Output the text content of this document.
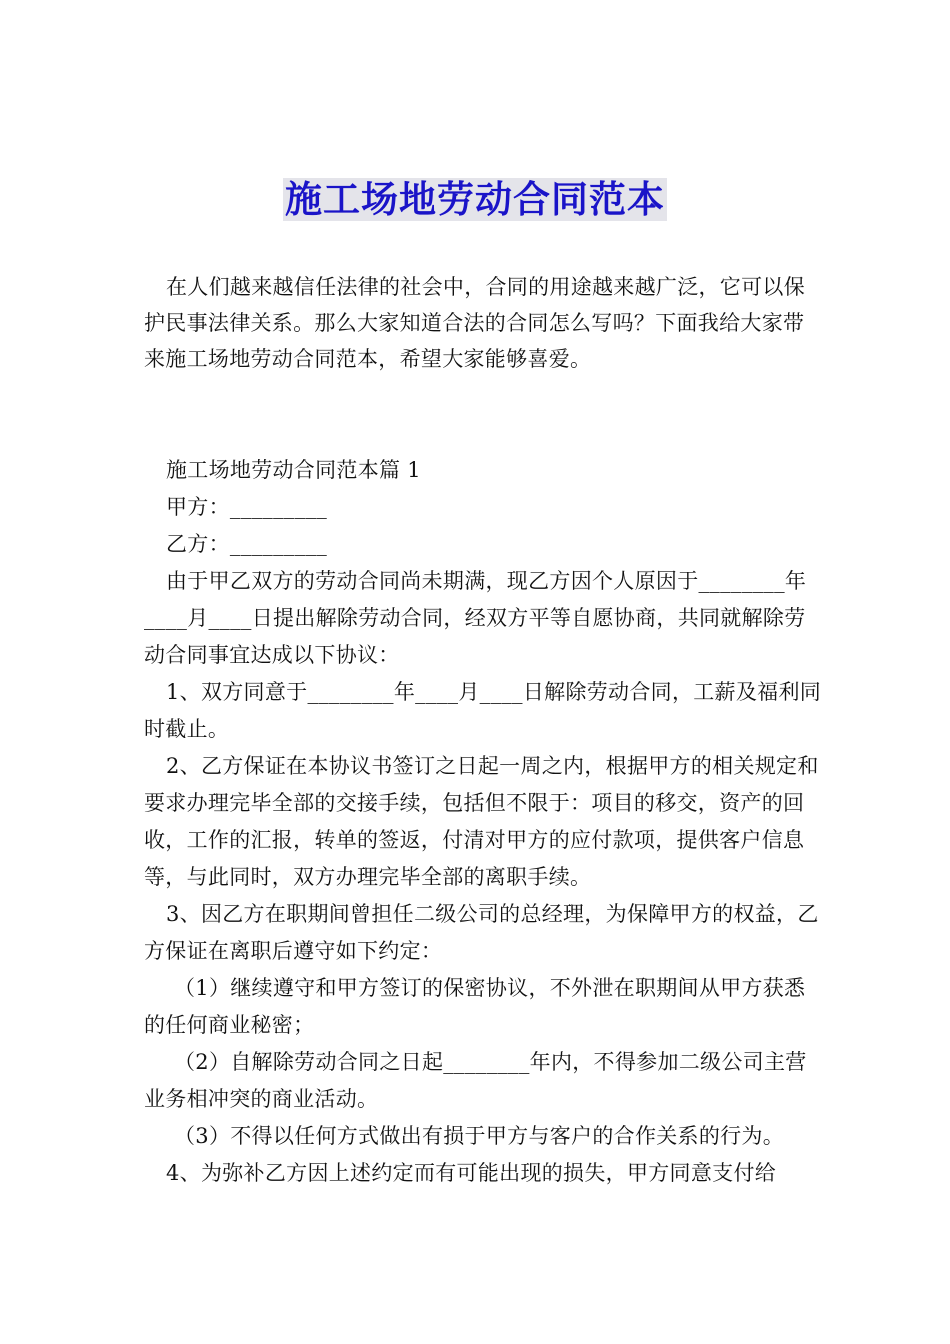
施工场地劳动合同范本

在人们越来越信任法律的社会中，合同的用途越来越广泛，它可以保护民事法律关系。那么大家知道合法的合同怎么写吗？下面我给大家带来施工场地劳动合同范本，希望大家能够喜爱。

施工场地劳动合同范本篇 1

甲方：_________

乙方：_________

由于甲乙双方的劳动合同尚未期满，现乙方因个人原因于________年____月____日提出解除劳动合同，经双方平等自愿协商，共同就解除劳动合同事宜达成以下协议：

1、双方同意于________年____月____日解除劳动合同，工薪及福利同时截止。

2、乙方保证在本协议书签订之日起一周之内，根据甲方的相关规定和要求办理完毕全部的交接手续，包括但不限于：项目的移交，资产的回收，工作的汇报，转单的签返，付清对甲方的应付款项，提供客户信息等，与此同时，双方办理完毕全部的离职手续。

3、因乙方在职期间曾担任二级公司的总经理，为保障甲方的权益，乙方保证在离职后遵守如下约定：

（1）继续遵守和甲方签订的保密协议，不外泄在职期间从甲方获悉的任何商业秘密；

（2）自解除劳动合同之日起________年内，不得参加二级公司主营业务相冲突的商业活动。

（3）不得以任何方式做出有损于甲方与客户的合作关系的行为。

4、为弥补乙方因上述约定而有可能出现的损失，甲方同意支付给
